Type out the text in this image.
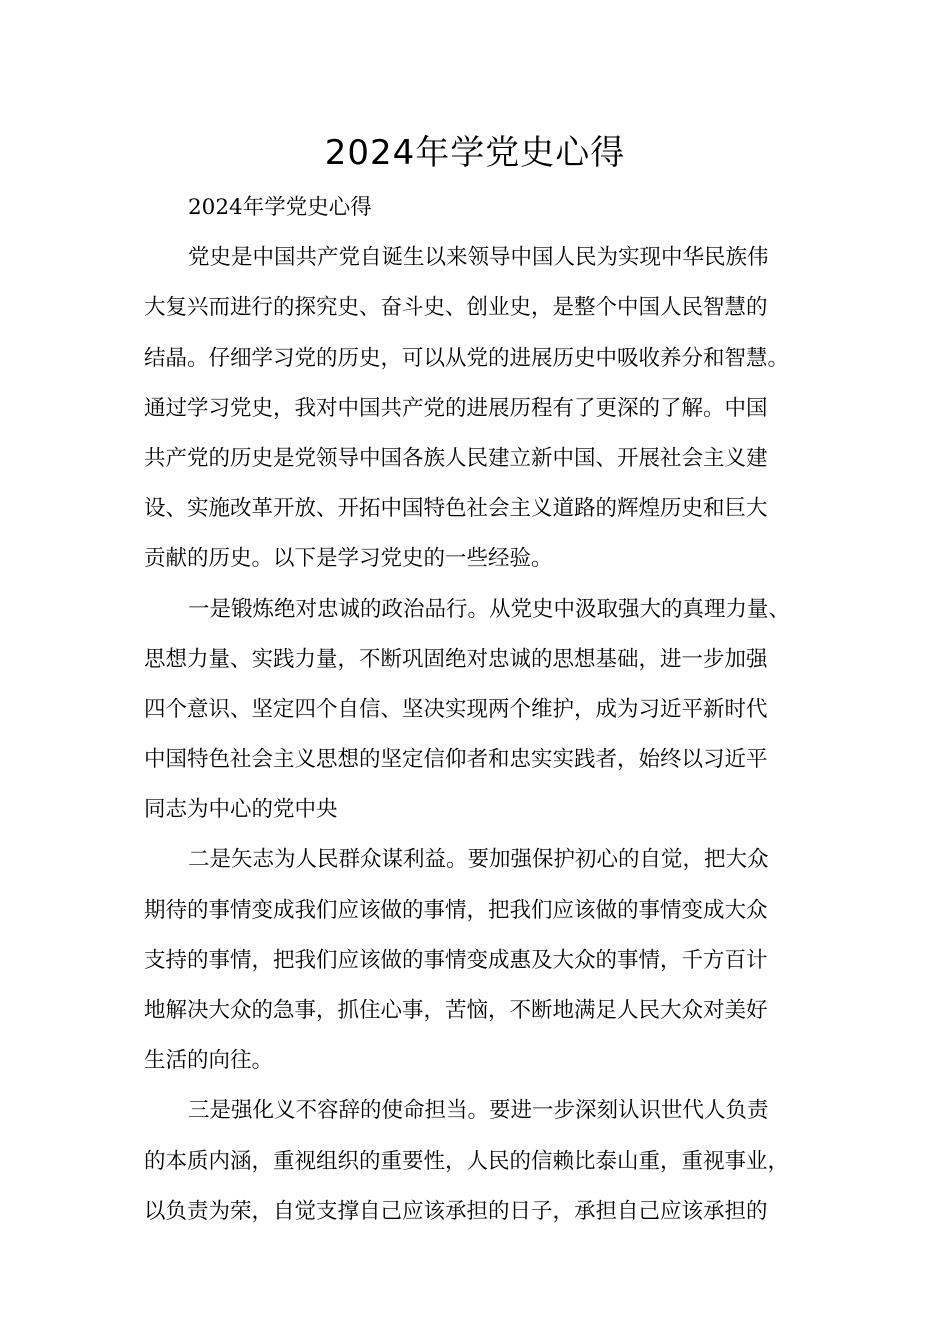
2024年学党史心得
2024年学党史心得
党史是中国共产党自诞生以来领导中国人民为实现中华民族伟
大复兴而进行的探究史、奋斗史、创业史，是整个中国人民智慧的
结晶。仔细学习党的历史，可以从党的进展历史中吸收养分和智慧。
通过学习党史，我对中国共产党的进展历程有了更深的了解。中国
共产党的历史是党领导中国各族人民建立新中国、开展社会主义建
设、实施改革开放、开拓中国特色社会主义道路的辉煌历史和巨大
贡献的历史。以下是学习党史的一些经验。
一是锻炼绝对忠诚的政治品行。从党史中汲取强大的真理力量、
思想力量、实践力量，不断巩固绝对忠诚的思想基础，进一步加强
四个意识、坚定四个自信、坚决实现两个维护，成为习近平新时代
中国特色社会主义思想的坚定信仰者和忠实实践者，始终以习近平
同志为中心的党中央
二是矢志为人民群众谋利益。要加强保护初心的自觉，把大众
期待的事情变成我们应该做的事情，把我们应该做的事情变成大众
支持的事情，把我们应该做的事情变成惠及大众的事情，千方百计
地解决大众的急事，抓住心事，苦恼，不断地满足人民大众对美好
生活的向往。
三是强化义不容辞的使命担当。要进一步深刻认识世代人负责
的本质内涵，重视组织的重要性，人民的信赖比泰山重，重视事业，
以负责为荣，自觉支撑自己应该承担的日子，承担自己应该承担的
